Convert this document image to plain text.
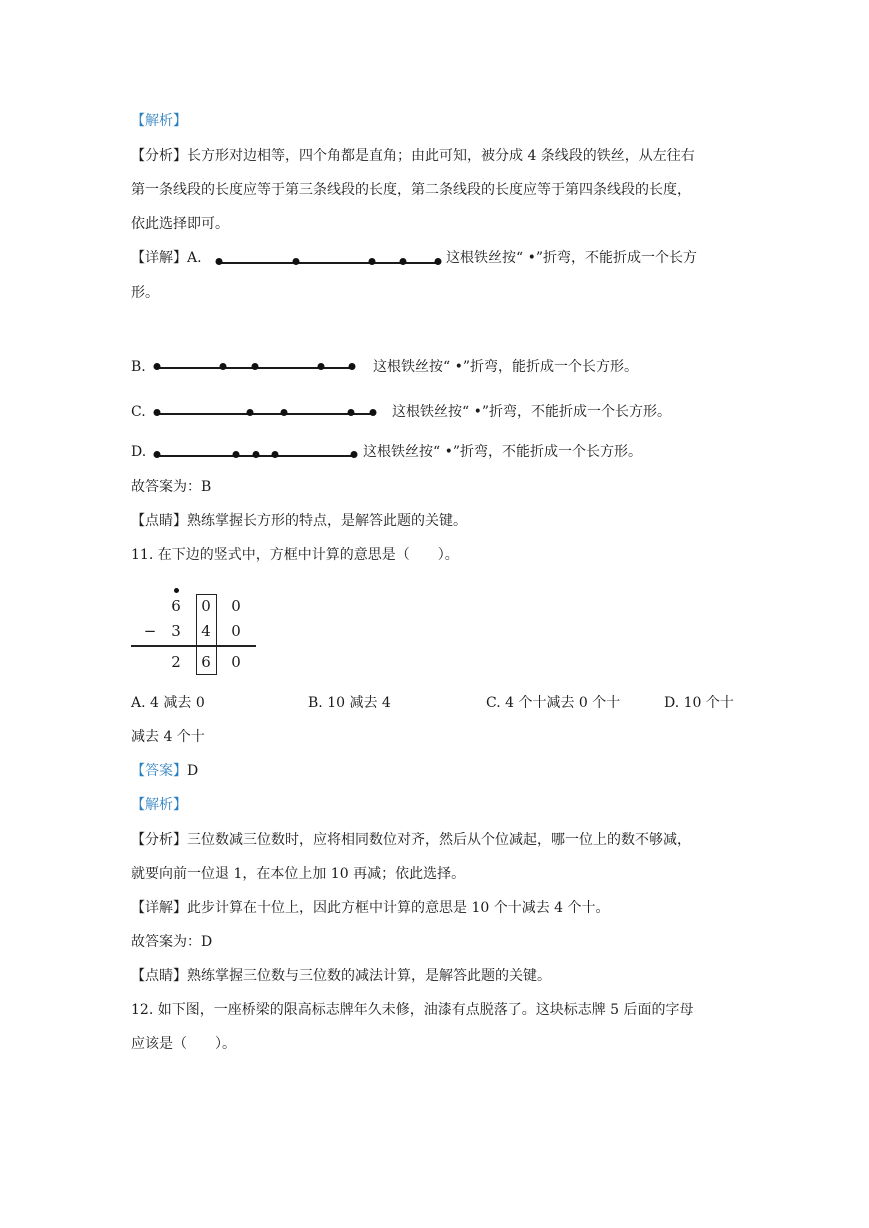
【解析】
【分析】长方形对边相等，四个角都是直角；由此可知，被分成 4 条线段的铁丝，从左往右
第一条线段的长度应等于第三条线段的长度，第二条线段的长度应等于第四条线段的长度，
依此选择即可。
【详解】A.	这根铁丝按“ •”折弯，不能折成一个长方
形。
B.	这根铁丝按“ •”折弯，能折成一个长方形。
C.	这根铁丝按“ •”折弯，不能折成一个长方形。
D.	这根铁丝按“ •”折弯，不能折成一个长方形。
故答案为：B
【点睛】熟练掌握长方形的特点，是解答此题的关键。
11. 在下边的竖式中，方框中计算的意思是（　　）。
6	0	0
− 3	4	0
2	6	0
A. 4 减去 0	B. 10 减去 4	C. 4 个十减去 0 个十	D. 10 个十
减去 4 个十
【答案】D
【解析】
【分析】三位数减三位数时，应将相同数位对齐，然后从个位减起，哪一位上的数不够减，
就要向前一位退 1，在本位上加 10 再减；依此选择。
【详解】此步计算在十位上，因此方框中计算的意思是 10 个十减去 4 个十。
故答案为：D
【点睛】熟练掌握三位数与三位数的减法计算，是解答此题的关键。
12. 如下图，一座桥梁的限高标志牌年久未修，油漆有点脱落了。这块标志牌 5 后面的字母
应该是（　　）。
